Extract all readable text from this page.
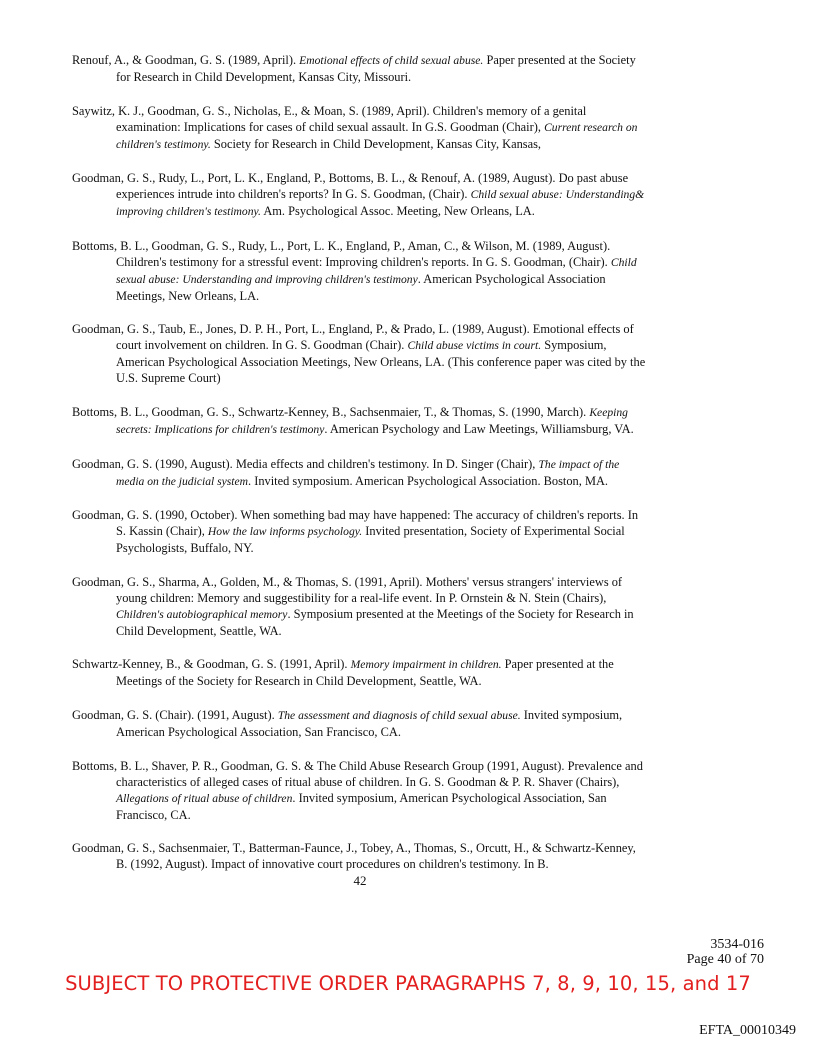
Renouf, A., & Goodman, G. S. (1989, April). Emotional effects of child sexual abuse. Paper presented at the Society for Research in Child Development, Kansas City, Missouri.

Saywitz, K. J., Goodman, G. S., Nicholas, E., & Moan, S. (1989, April). Children's memory of a genital examination: Implications for cases of child sexual assault. In G.S. Goodman (Chair), Current research on children's testimony. Society for Research in Child Development, Kansas City, Kansas,

Goodman, G. S., Rudy, L., Port, L. K., England, P., Bottoms, B. L., & Renouf, A. (1989, August). Do past abuse experiences intrude into children's reports? In G. S. Goodman, (Chair). Child sexual abuse: Understanding& improving children's testimony. Am. Psychological Assoc. Meeting, New Orleans, LA.

Bottoms, B. L., Goodman, G. S., Rudy, L., Port, L. K., England, P., Aman, C., & Wilson, M. (1989, August). Children's testimony for a stressful event: Improving children's reports. In G. S. Goodman, (Chair). Child sexual abuse: Understanding and improving children's testimony. American Psychological Association Meetings, New Orleans, LA.

Goodman, G. S., Taub, E., Jones, D. P. H., Port, L., England, P., & Prado, L. (1989, August). Emotional effects of court involvement on children. In G. S. Goodman (Chair). Child abuse victims in court. Symposium, American Psychological Association Meetings, New Orleans, LA. (This conference paper was cited by the U.S. Supreme Court)

Bottoms, B. L., Goodman, G. S., Schwartz-Kenney, B., Sachsenmaier, T., & Thomas, S. (1990, March). Keeping secrets: Implications for children's testimony. American Psychology and Law Meetings, Williamsburg, VA.

Goodman, G. S. (1990, August). Media effects and children's testimony. In D. Singer (Chair), The impact of the media on the judicial system. Invited symposium. American Psychological Association. Boston, MA.

Goodman, G. S. (1990, October). When something bad may have happened: The accuracy of children's reports. In S. Kassin (Chair), How the law informs psychology. Invited presentation, Society of Experimental Social Psychologists, Buffalo, NY.

Goodman, G. S., Sharma, A., Golden, M., & Thomas, S. (1991, April). Mothers' versus strangers' interviews of young children: Memory and suggestibility for a real-life event. In P. Ornstein & N. Stein (Chairs), Children's autobiographical memory. Symposium presented at the Meetings of the Society for Research in Child Development, Seattle, WA.

Schwartz-Kenney, B., & Goodman, G. S. (1991, April). Memory impairment in children. Paper presented at the Meetings of the Society for Research in Child Development, Seattle, WA.

Goodman, G. S. (Chair). (1991, August). The assessment and diagnosis of child sexual abuse. Invited symposium, American Psychological Association, San Francisco, CA.

Bottoms, B. L., Shaver, P. R., Goodman, G. S. & The Child Abuse Research Group (1991, August). Prevalence and characteristics of alleged cases of ritual abuse of children. In G. S. Goodman & P. R. Shaver (Chairs), Allegations of ritual abuse of children. Invited symposium, American Psychological Association, San Francisco, CA.

Goodman, G. S., Sachsenmaier, T., Batterman-Faunce, J., Tobey, A., Thomas, S., Orcutt, H., & Schwartz-Kenney, B. (1992, August). Impact of innovative court procedures on children's testimony. In B.

42
3534-016
Page 40 of 70
SUBJECT TO PROTECTIVE ORDER PARAGRAPHS 7, 8, 9, 10, 15, and 17
EFTA_00010349
